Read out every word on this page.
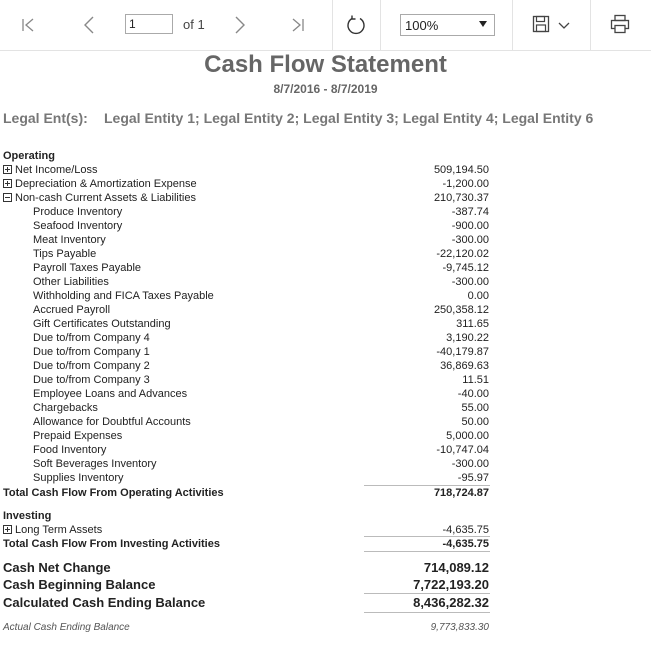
1
of 1	100%
Cash Flow Statement
8/7/2016 - 8/7/2019
Legal Ent(s): Legal Entity 1; Legal Entity 2; Legal Entity 3; Legal Entity 4; Legal Entity 6
Operating
Net Income/Loss	509,194.50
Depreciation & Amortization Expense	-1,200.00
Non-cash Current Assets & Liabilities	210,730.37
Produce Inventory	-387.74
Seafood Inventory	-900.00
Meat Inventory	-300.00
Tips Payable	-22,120.02
Payroll Taxes Payable	-9,745.12
Other Liabilities	-300.00
Withholding and FICA Taxes Payable	0.00
Accrued Payroll	250,358.12
Gift Certificates Outstanding	311.65
Due to/from Company 4	3,190.22
Due to/from Company 1	-40,179.87
Due to/from Company 2	36,869.63
Due to/from Company 3	11.51
Employee Loans and Advances	-40.00
Chargebacks	55.00
Allowance for Doubtful Accounts	50.00
Prepaid Expenses	5,000.00
Food Inventory	-10,747.04
Soft Beverages Inventory	-300.00
Supplies Inventory	-95.97
Total Cash Flow From Operating Activities	718,724.87
Investing
Long Term Assets	-4,635.75
Total Cash Flow From Investing Activities	-4,635.75
Cash Net Change	714,089.12
Cash Beginning Balance	7,722,193.20
Calculated Cash Ending Balance	8,436,282.32
Actual Cash Ending Balance	9,773,833.30
